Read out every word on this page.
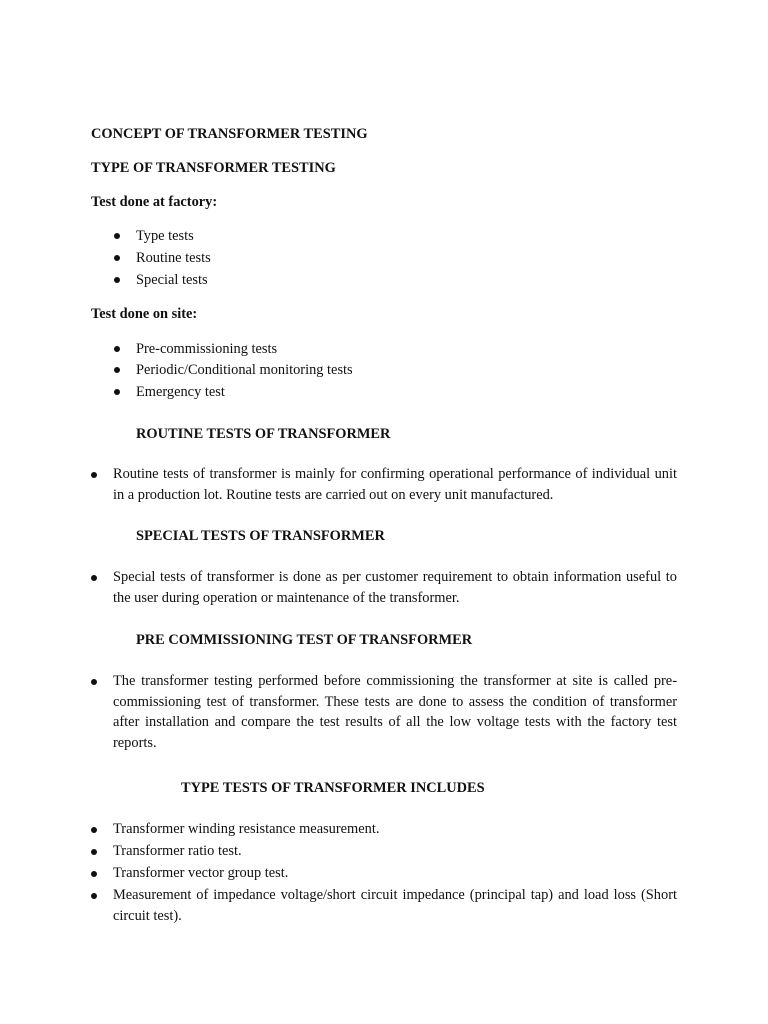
CONCEPT OF TRANSFORMER TESTING
TYPE OF TRANSFORMER TESTING
Test done at factory:
Type tests
Routine tests
Special tests
Test done on site:
Pre-commissioning tests
Periodic/Conditional monitoring tests
Emergency test
ROUTINE TESTS OF TRANSFORMER
Routine tests of transformer is mainly for confirming operational performance of individual unit in a production lot. Routine tests are carried out on every unit manufactured.
SPECIAL TESTS OF TRANSFORMER
Special tests of transformer is done as per customer requirement to obtain information useful to the user during operation or maintenance of the transformer.
PRE COMMISSIONING TEST OF TRANSFORMER
The transformer testing performed before commissioning the transformer at site is called pre-commissioning test of transformer. These tests are done to assess the condition of transformer after installation and compare the test results of all the low voltage tests with the factory test reports.
TYPE TESTS OF TRANSFORMER INCLUDES
Transformer winding resistance measurement.
Transformer ratio test.
Transformer vector group test.
Measurement of impedance voltage/short circuit impedance (principal tap) and load loss (Short circuit test).
